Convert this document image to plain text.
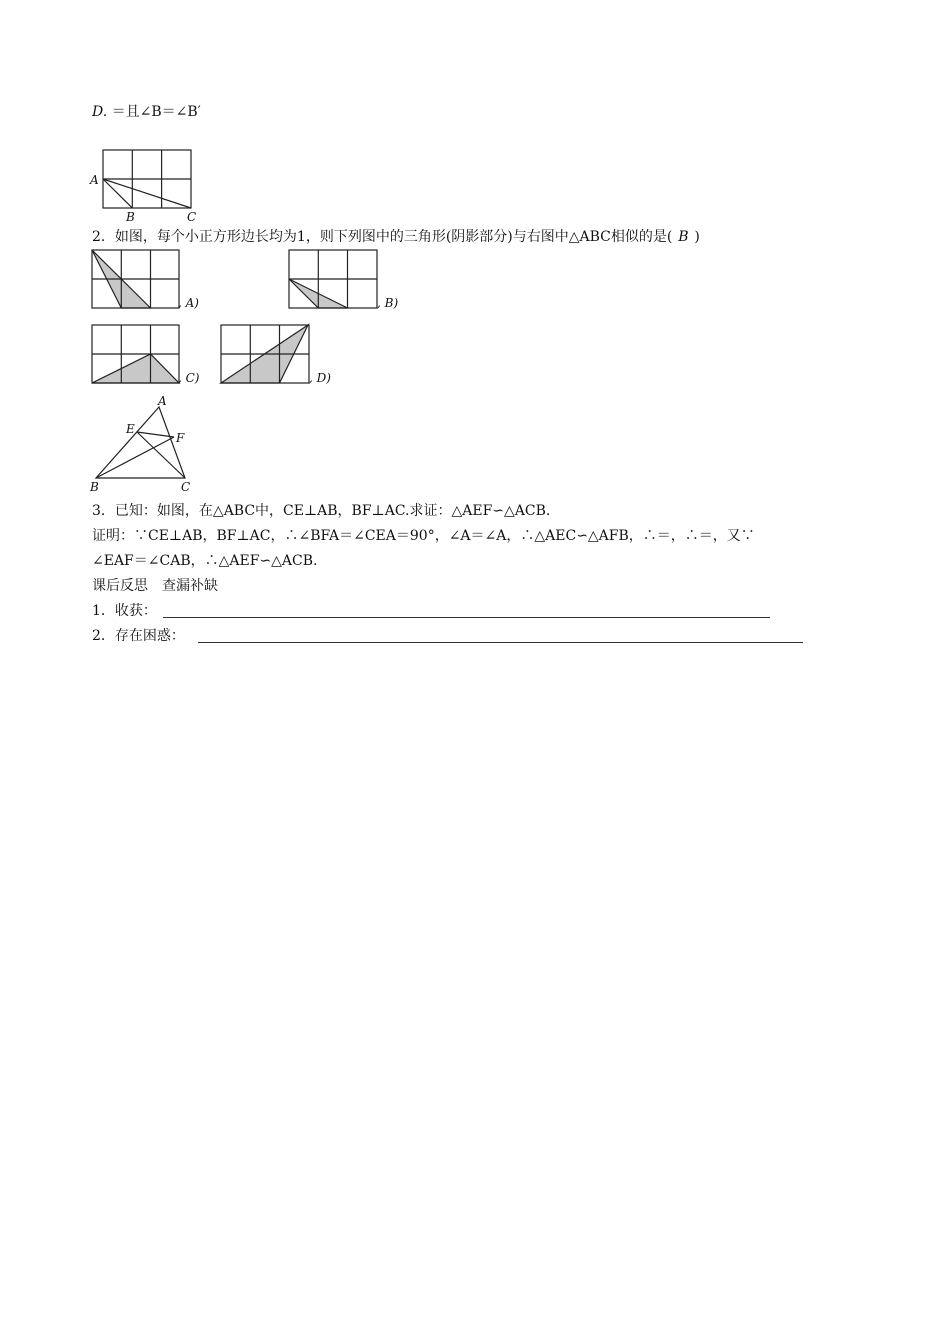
D. ＝且∠B＝∠B′
A
B	C
2．如图，每个小正方形边长均为1，则下列图中的三角形(阴影部分)与右图中△ABC相似的是( B )
, A)	, B)
, C)	, D)
A
E
F
B	C
3．已知：如图，在△ABC中，CE⊥AB，BF⊥AC.求证：△AEF∽△ACB.
证明：∵CE⊥AB，BF⊥AC，∴∠BFA＝∠CEA＝90°，∠A＝∠A，∴△AEC∽△AFB，∴＝，∴＝，又∵
∠EAF＝∠CAB，∴△AEF∽△ACB.
课后反思　查漏补缺
1．收获：
2．存在困惑：
